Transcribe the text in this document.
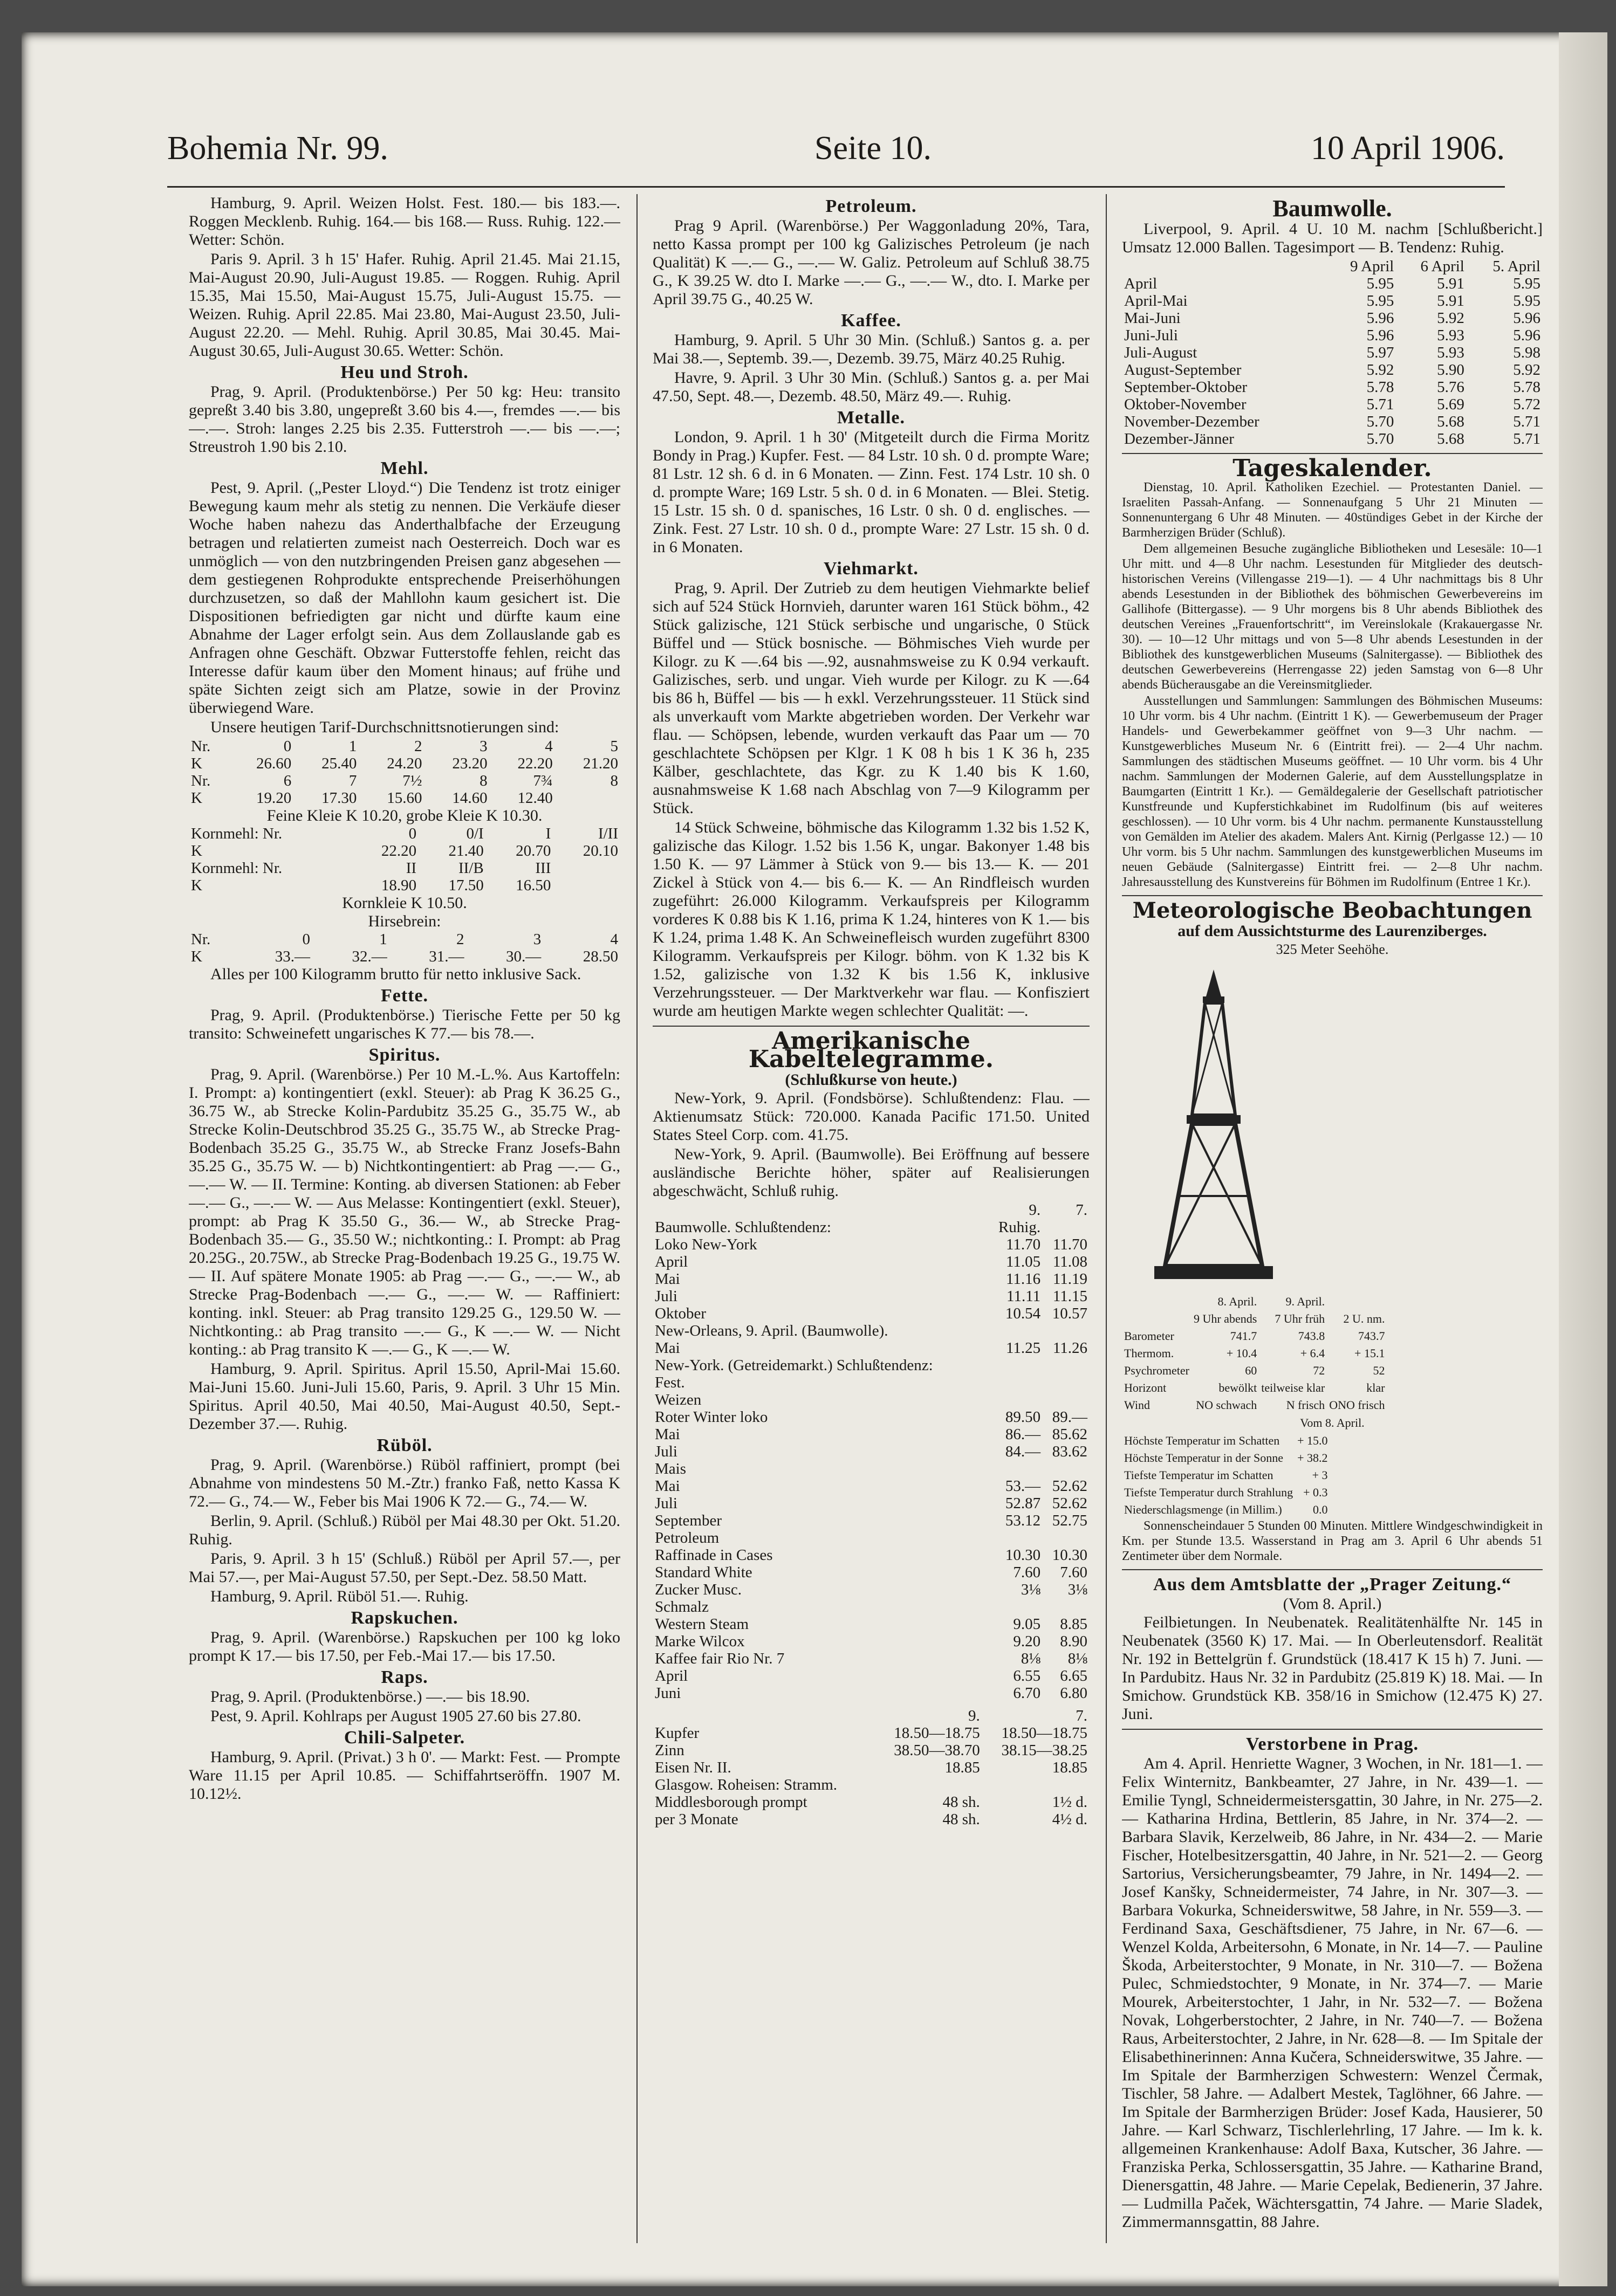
Bohemia Nr. 99.	Seite 10.	10 April 1906.

Hamburg, 9. April. Weizen Holst. Fest. 180.— bis 183.—. Roggen Mecklenb. Ruhig. 164.— bis 168.— Russ. Ruhig. 122.— Wetter: Schön.

Paris 9. April. 3 h 15' Hafer. Ruhig. April 21.45. Mai 21.15, Mai-August 20.90, Juli-August 19.85. — Roggen. Ruhig. April 15.35, Mai 15.50, Mai-August 15.75, Juli-August 15.75. — Weizen. Ruhig. April 22.85. Mai 23.80, Mai-August 23.50, Juli-August 22.20. — Mehl. Ruhig. April 30.85, Mai 30.45. Mai-August 30.65, Juli-August 30.65. Wetter: Schön.

Heu und Stroh.

Prag, 9. April. (Produktenbörse.) Per 50 kg: Heu: transito gepreßt 3.40 bis 3.80, ungepreßt 3.60 bis 4.—, fremdes —.— bis —.—. Stroh: langes 2.25 bis 2.35. Futterstroh —.— bis —.—; Streustroh 1.90 bis 2.10.

Mehl.

Pest, 9. April. („Pester Lloyd.“) Die Tendenz ist trotz einiger Bewegung kaum mehr als stetig zu nennen. Die Verkäufe dieser Woche haben nahezu das Anderthalbfache der Erzeugung betragen und relatierten zumeist nach Oesterreich. Doch war es unmöglich — von den nutzbringenden Preisen ganz abgesehen — dem gestiegenen Rohprodukte entsprechende Preiserhöhungen durchzusetzen, so daß der Mahllohn kaum gesichert ist. Die Dispositionen befriedigten gar nicht und dürfte kaum eine Abnahme der Lager erfolgt sein. Aus dem Zollauslande gab es Anfragen ohne Geschäft. Obzwar Futterstoffe fehlen, reicht das Interesse dafür kaum über den Moment hinaus; auf frühe und späte Sichten zeigt sich am Platze, sowie in der Provinz überwiegend Ware.

Unsere heutigen Tarif-Durchschnittsnotierungen sind:

Nr.	0	1	2	3	4	5
K	26.60	25.40	24.20	23.20	22.20	21.20
Nr.	6	7	7½	8	7¾	8
K	19.20	17.30	15.60	14.60	12.40	
Feine Kleie K 10.20, grobe Kleie K 10.30.
Kornmehl: Nr.	0	0/I	I	I/II
K	22.20	21.40	20.70	20.10
Kornmehl: Nr.	II	II/B	III	
K	18.90	17.50	16.50	
Kornkleie K 10.50.
Hirsebrein:
Nr.	0	1	2	3	4
K	33.—	32.—	31.—	30.—	28.50

Alles per 100 Kilogramm brutto für netto inklusive Sack.

Fette.

Prag, 9. April. (Produktenbörse.) Tierische Fette per 50 kg transito: Schweinefett ungarisches K 77.— bis 78.—.

Spiritus.

Prag, 9. April. (Warenbörse.) Per 10 M.-L.%. Aus Kartoffeln: I. Prompt: a) kontingentiert (exkl. Steuer): ab Prag K 36.25 G., 36.75 W., ab Strecke Kolin-Pardubitz 35.25 G., 35.75 W., ab Strecke Kolin-Deutschbrod 35.25 G., 35.75 W., ab Strecke Prag-Bodenbach 35.25 G., 35.75 W., ab Strecke Franz Josefs-Bahn 35.25 G., 35.75 W. — b) Nichtkontingentiert: ab Prag —.— G., —.— W. — II. Termine: Konting. ab diversen Stationen: ab Feber —.— G., —.— W. — Aus Melasse: Kontingentiert (exkl. Steuer), prompt: ab Prag K 35.50 G., 36.— W., ab Strecke Prag-Bodenbach 35.— G., 35.50 W.; nichtkonting.: I. Prompt: ab Prag 20.25G., 20.75W., ab Strecke Prag-Bodenbach 19.25 G., 19.75 W. — II. Auf spätere Monate 1905: ab Prag —.— G., —.— W., ab Strecke Prag-Bodenbach —.— G., —.— W. — Raffiniert: konting. inkl. Steuer: ab Prag transito 129.25 G., 129.50 W. — Nichtkonting.: ab Prag transito —.— G., K —.— W. — Nicht konting.: ab Prag transito K —.— G., K —.— W.

Hamburg, 9. April. Spiritus. April 15.50, April-Mai 15.60. Mai-Juni 15.60. Juni-Juli 15.60, Paris, 9. April. 3 Uhr 15 Min. Spiritus. April 40.50, Mai 40.50, Mai-August 40.50, Sept.-Dezember 37.—. Ruhig.

Rüböl.

Prag, 9. April. (Warenbörse.) Rüböl raffiniert, prompt (bei Abnahme von mindestens 50 M.-Ztr.) franko Faß, netto Kassa K 72.— G., 74.— W., Feber bis Mai 1906 K 72.— G., 74.— W.

Berlin, 9. April. (Schluß.) Rüböl per Mai 48.30 per Okt. 51.20. Ruhig.

Paris, 9. April. 3 h 15' (Schluß.) Rüböl per April 57.—, per Mai 57.—, per Mai-August 57.50, per Sept.-Dez. 58.50 Matt.

Hamburg, 9. April. Rüböl 51.—. Ruhig.

Rapskuchen.

Prag, 9. April. (Warenbörse.) Rapskuchen per 100 kg loko prompt K 17.— bis 17.50, per Feb.-Mai 17.— bis 17.50.

Raps.

Prag, 9. April. (Produktenbörse.) —.— bis 18.90.

Pest, 9. April. Kohlraps per August 1905 27.60 bis 27.80.

Chili-Salpeter.

Hamburg, 9. April. (Privat.) 3 h 0'. — Markt: Fest. — Prompte Ware 11.15 per April 10.85. — Schiffahrtseröffn. 1907 M. 10.12½.

Petroleum.

Prag 9 April. (Warenbörse.) Per Waggonladung 20%, Tara, netto Kassa prompt per 100 kg Galizisches Petroleum (je nach Qualität) K —.— G., —.— W. Galiz. Petroleum auf Schluß 38.75 G., K 39.25 W. dto I. Marke —.— G., —.— W., dto. I. Marke per April 39.75 G., 40.25 W.

Kaffee.

Hamburg, 9. April. 5 Uhr 30 Min. (Schluß.) Santos g. a. per Mai 38.—, Septemb. 39.—, Dezemb. 39.75, März 40.25 Ruhig.

Havre, 9. April. 3 Uhr 30 Min. (Schluß.) Santos g. a. per Mai 47.50, Sept. 48.—, Dezemb. 48.50, März 49.—. Ruhig.

Metalle.

London, 9. April. 1 h 30' (Mitgeteilt durch die Firma Moritz Bondy in Prag.) Kupfer. Fest. — 84 Lstr. 10 sh. 0 d. prompte Ware; 81 Lstr. 12 sh. 6 d. in 6 Monaten. — Zinn. Fest. 174 Lstr. 10 sh. 0 d. prompte Ware; 169 Lstr. 5 sh. 0 d. in 6 Monaten. — Blei. Stetig. 15 Lstr. 15 sh. 0 d. spanisches, 16 Lstr. 0 sh. 0 d. englisches. — Zink. Fest. 27 Lstr. 10 sh. 0 d., prompte Ware: 27 Lstr. 15 sh. 0 d. in 6 Monaten.

Viehmarkt.

Prag, 9. April. Der Zutrieb zu dem heutigen Viehmarkte belief sich auf 524 Stück Hornvieh, darunter waren 161 Stück böhm., 42 Stück galizische, 121 Stück serbische und ungarische, 0 Stück Büffel und — Stück bosnische. — Böhmisches Vieh wurde per Kilogr. zu K —.64 bis —.92, ausnahmsweise zu K 0.94 verkauft. Galizisches, serb. und ungar. Vieh wurde per Kilogr. zu K —.64 bis 86 h, Büffel — bis — h exkl. Verzehrungssteuer. 11 Stück sind als unverkauft vom Markte abgetrieben worden. Der Verkehr war flau. — Schöpsen, lebende, wurden verkauft das Paar um — 70 geschlachtete Schöpsen per Klgr. 1 K 08 h bis 1 K 36 h, 235 Kälber, geschlachtete, das Kgr. zu K 1.40 bis K 1.60, ausnahmsweise K 1.68 nach Abschlag von 7—9 Kilogramm per Stück.

14 Stück Schweine, böhmische das Kilogramm 1.32 bis 1.52 K, galizische das Kilogr. 1.52 bis 1.56 K, ungar. Bakonyer 1.48 bis 1.50 K. — 97 Lämmer à Stück von 9.— bis 13.— K. — 201 Zickel à Stück von 4.— bis 6.— K. — An Rindfleisch wurden zugeführt: 26.000 Kilogramm. Verkaufspreis per Kilogramm vorderes K 0.88 bis K 1.16, prima K 1.24, hinteres von K 1.— bis K 1.24, prima 1.48 K. An Schweinefleisch wurden zugeführt 8300 Kilogramm. Verkaufspreis per Kilogr. böhm. von K 1.32 bis K 1.52, galizische von 1.32 K bis 1.56 K, inklusive Verzehrungssteuer. — Der Marktverkehr war flau. — Konfisziert wurde am heutigen Markte wegen schlechter Qualität: —.

Amerikanische Kabeltelegramme.
(Schlußkurse von heute.)

New-York, 9. April. (Fondsbörse). Schlußtendenz: Flau. — Aktienumsatz Stück: 720.000. Kanada Pacific 171.50. United States Steel Corp. com. 41.75.

New-York, 9. April. (Baumwolle). Bei Eröffnung auf bessere ausländische Berichte höher, später auf Realisierungen abgeschwächt, Schluß ruhig.

	9.	7.
Baumwolle. Schlußtendenz:	Ruhig.	
Loko New-York	11.70	11.70
April	11.05	11.08
Mai	11.16	11.19
Juli	11.11	11.15
Oktober	10.54	10.57
New-Orleans, 9. April. (Baumwolle).		
Mai	11.25	11.26
New-York. (Getreidemarkt.) Schlußtendenz:		
Fest.		
Weizen		
Roter Winter loko	89.50	89.—
Mai	86.—	85.62
Juli	84.—	83.62
Mais		
Mai	53.—	52.62
Juli	52.87	52.62
September	53.12	52.75
Petroleum		
Raffinade in Cases	10.30	10.30
Standard White	7.60	7.60
Zucker Musc.	3⅛	3⅛
Schmalz		
Western Steam	9.05	8.85
Marke Wilcox	9.20	8.90
Kaffee fair Rio Nr. 7	8⅛	8⅛
April	6.55	6.65
Juni	6.70	6.80
	9.	7.
Kupfer	18.50—18.75	18.50—18.75
Zinn	38.50—38.70	38.15—38.25
Eisen Nr. II.	18.85	18.85
Glasgow. Roheisen: Stramm.		
Middlesborough prompt	48 sh.	1½ d.
per 3 Monate	48 sh.	4½ d.
Baumwolle.

Liverpool, 9. April. 4 U. 10 M. nachm [Schlußbericht.] Umsatz 12.000 Ballen. Tagesimport — B. Tendenz: Ruhig.

	9 April	6 April	5. April
April	5.95	5.91	5.95
April-Mai	5.95	5.91	5.95
Mai-Juni	5.96	5.92	5.96
Juni-Juli	5.96	5.93	5.96
Juli-August	5.97	5.93	5.98
August-September	5.92	5.90	5.92
September-Oktober	5.78	5.76	5.78
Oktober-November	5.71	5.69	5.72
November-Dezember	5.70	5.68	5.71
Dezember-Jänner	5.70	5.68	5.71
Tageskalender.

Dienstag, 10. April. Katholiken Ezechiel. — Protestanten Daniel. — Israeliten Passah-Anfang. — Sonnenaufgang 5 Uhr 21 Minuten — Sonnenuntergang 6 Uhr 48 Minuten. — 40stündiges Gebet in der Kirche der Barmherzigen Brüder (Schluß).

Dem allgemeinen Besuche zugängliche Bibliotheken und Lesesäle: 10—1 Uhr mitt. und 4—8 Uhr nachm. Lesestunden für Mitglieder des deutsch-historischen Vereins (Villengasse 219—1). — 4 Uhr nachmittags bis 8 Uhr abends Lesestunden in der Bibliothek des böhmischen Gewerbevereins im Gallihofe (Bittergasse). — 9 Uhr morgens bis 8 Uhr abends Bibliothek des deutschen Vereines „Frauenfortschritt“, im Vereinslokale (Krakauergasse Nr. 30). — 10—12 Uhr mittags und von 5—8 Uhr abends Lesestunden in der Bibliothek des kunstgewerblichen Museums (Salnitergasse). — Bibliothek des deutschen Gewerbevereins (Herrengasse 22) jeden Samstag von 6—8 Uhr abends Bücherausgabe an die Vereinsmitglieder.

Ausstellungen und Sammlungen: Sammlungen des Böhmischen Museums: 10 Uhr vorm. bis 4 Uhr nachm. (Eintritt 1 K). — Gewerbemuseum der Prager Handels- und Gewerbekammer geöffnet von 9—3 Uhr nachm. — Kunstgewerbliches Museum Nr. 6 (Eintritt frei). — 2—4 Uhr nachm. Sammlungen des städtischen Museums geöffnet. — 10 Uhr vorm. bis 4 Uhr nachm. Sammlungen der Modernen Galerie, auf dem Ausstellungsplatze in Baumgarten (Eintritt 1 Kr.). — Gemäldegalerie der Gesellschaft patriotischer Kunstfreunde und Kupferstichkabinet im Rudolfinum (bis auf weiteres geschlossen). — 10 Uhr vorm. bis 4 Uhr nachm. permanente Kunstausstellung von Gemälden im Atelier des akadem. Malers Ant. Kirnig (Perlgasse 12.) — 10 Uhr vorm. bis 5 Uhr nachm. Sammlungen des kunstgewerblichen Museums im neuen Gebäude (Salnitergasse) Eintritt frei. — 2—8 Uhr nachm. Jahresausstellung des Kunstvereins für Böhmen im Rudolfinum (Entree 1 Kr.).

Meteorologische Beobachtungen
auf dem Aussichtsturme des Laurenziberges.
325 Meter Seehöhe.
	8. April.	9. April.	
	9 Uhr abends	7 Uhr früh	2 U. nm.
Barometer	741.7	743.8	743.7
Thermom.	+ 10.4	+ 6.4	+ 15.1
Psychrometer	60	72	52
Horizont	bewölkt	teilweise klar	klar
Wind	NO schwach	N frisch	ONO frisch
Vom 8. April.
Höchste Temperatur im Schatten	+ 15.0
Höchste Temperatur in der Sonne	+ 38.2
Tiefste Temperatur im Schatten	+ 3
Tiefste Temperatur durch Strahlung	+ 0.3
Niederschlagsmenge (in Millim.)	0.0

Sonnenscheindauer 5 Stunden 00 Minuten. Mittlere Windgeschwindigkeit in Km. per Stunde 13.5. Wasserstand in Prag am 3. April 6 Uhr abends 51 Zentimeter über dem Normale.

Aus dem Amtsblatte der „Prager Zeitung.“
(Vom 8. April.)

Feilbietungen. In Neubenatek. Realitätenhälfte Nr. 145 in Neubenatek (3560 K) 17. Mai. — In Oberleutensdorf. Realität Nr. 192 in Bettelgrün f. Grundstück (18.417 K 15 h) 7. Juni. — In Pardubitz. Haus Nr. 32 in Pardubitz (25.819 K) 18. Mai. — In Smichow. Grundstück KB. 358/16 in Smichow (12.475 K) 27. Juni.

Verstorbene in Prag.

Am 4. April. Henriette Wagner, 3 Wochen, in Nr. 181—1. — Felix Winternitz, Bankbeamter, 27 Jahre, in Nr. 439—1. — Emilie Tyngl, Schneidermeistersgattin, 30 Jahre, in Nr. 275—2. — Katharina Hrdina, Bettlerin, 85 Jahre, in Nr. 374—2. — Barbara Slavik, Kerzelweib, 86 Jahre, in Nr. 434—2. — Marie Fischer, Hotelbesitzersgattin, 40 Jahre, in Nr. 521—2. — Georg Sartorius, Versicherungsbeamter, 79 Jahre, in Nr. 1494—2. — Josef Kanšky, Schneidermeister, 74 Jahre, in Nr. 307—3. — Barbara Vokurka, Schneiderswitwe, 58 Jahre, in Nr. 559—3. — Ferdinand Saxa, Geschäftsdiener, 75 Jahre, in Nr. 67—6. — Wenzel Kolda, Arbeitersohn, 6 Monate, in Nr. 14—7. — Pauline Škoda, Arbeiterstochter, 9 Monate, in Nr. 310—7. — Božena Pulec, Schmiedstochter, 9 Monate, in Nr. 374—7. — Marie Mourek, Arbeiterstochter, 1 Jahr, in Nr. 532—7. — Božena Novak, Lohgerberstochter, 2 Jahre, in Nr. 740—7. — Božena Raus, Arbeiterstochter, 2 Jahre, in Nr. 628—8. — Im Spitale der Elisabethinerinnen: Anna Kučera, Schneiderswitwe, 35 Jahre. — Im Spitale der Barmherzigen Schwestern: Wenzel Čermak, Tischler, 58 Jahre. — Adalbert Mestek, Taglöhner, 66 Jahre. — Im Spitale der Barmherzigen Brüder: Josef Kada, Hausierer, 50 Jahre. — Karl Schwarz, Tischlerlehrling, 17 Jahre. — Im k. k. allgemeinen Krankenhause: Adolf Baxa, Kutscher, 36 Jahre. — Franziska Perka, Schlossersgattin, 35 Jahre. — Katharine Brand, Dienersgattin, 48 Jahre. — Marie Cepelak, Bedienerin, 37 Jahre. — Ludmilla Paček, Wächtersgattin, 74 Jahre. — Marie Sladek, Zimmermannsgattin, 88 Jahre.
